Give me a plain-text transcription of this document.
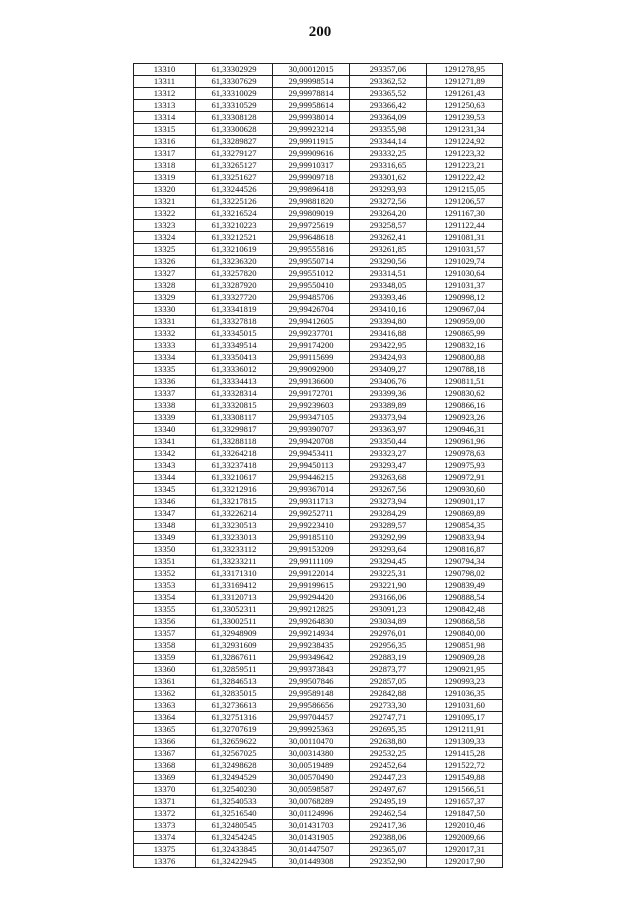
200
13310	61,33302929	30,00012015	293357,06	1291278,95
13311	61,33307629	29,99998514	293362,52	1291271,89
13312	61,33310029	29,99978814	293365,52	1291261,43
13313	61,33310529	29,99958614	293366,42	1291250,63
13314	61,33308128	29,99938014	293364,09	1291239,53
13315	61,33300628	29,99923214	293355,98	1291231,34
13316	61,33289827	29,99911915	293344,14	1291224,92
13317	61,33279127	29,99909616	293332,25	1291223,32
13318	61,33265127	29,99910317	293316,65	1291223,21
13319	61,33251627	29,99909718	293301,62	1291222,42
13320	61,33244526	29,99896418	293293,93	1291215,05
13321	61,33225126	29,99881820	293272,56	1291206,57
13322	61,33216524	29,99809019	293264,20	1291167,30
13323	61,33210223	29,99725619	293258,57	1291122,44
13324	61,33212521	29,99648618	293262,41	1291081,31
13325	61,33210619	29,99555816	293261,85	1291031,57
13326	61,33236320	29,99550714	293290,56	1291029,74
13327	61,33257820	29,99551012	293314,51	1291030,64
13328	61,33287920	29,99550410	293348,05	1291031,37
13329	61,33327720	29,99485706	293393,46	1290998,12
13330	61,33341819	29,99426704	293410,16	1290967,04
13331	61,33327818	29,99412605	293394,80	1290959,00
13332	61,33345015	29,99237701	293416,88	1290865,99
13333	61,33349514	29,99174200	293422,95	1290832,16
13334	61,33350413	29,99115699	293424,93	1290800,88
13335	61,33336012	29,99092900	293409,27	1290788,18
13336	61,33334413	29,99136600	293406,76	1290811,51
13337	61,33328314	29,99172701	293399,36	1290830,62
13338	61,33320815	29,99239603	293389,89	1290866,16
13339	61,33308117	29,99347105	293373,94	1290923,26
13340	61,33299817	29,99390707	293363,97	1290946,31
13341	61,33288118	29,99420708	293350,44	1290961,96
13342	61,33264218	29,99453411	293323,27	1290978,63
13343	61,33237418	29,99450113	293293,47	1290975,93
13344	61,33210617	29,99446215	293263,68	1290972,91
13345	61,33212916	29,99367014	293267,56	1290930,60
13346	61,33217815	29,99311713	293273,94	1290901,17
13347	61,33226214	29,99252711	293284,29	1290869,89
13348	61,33230513	29,99223410	293289,57	1290854,35
13349	61,33233013	29,99185110	293292,99	1290833,94
13350	61,33233112	29,99153209	293293,64	1290816,87
13351	61,33233211	29,99111109	293294,45	1290794,34
13352	61,33171310	29,99122014	293225,31	1290798,02
13353	61,33169412	29,99199615	293221,90	1290839,49
13354	61,33120713	29,99294420	293166,06	1290888,54
13355	61,33052311	29,99212825	293091,23	1290842,48
13356	61,33002511	29,99264830	293034,89	1290868,58
13357	61,32948909	29,99214934	292976,01	1290840,00
13358	61,32931609	29,99238435	292956,35	1290851,98
13359	61,32867611	29,99349642	292883,19	1290909,28
13360	61,32859511	29,99373843	292873,77	1290921,95
13361	61,32846513	29,99507846	292857,05	1290993,23
13362	61,32835015	29,99589148	292842,88	1291036,35
13363	61,32736613	29,99586656	292733,30	1291031,60
13364	61,32751316	29,99704457	292747,71	1291095,17
13365	61,32707619	29,99925363	292695,35	1291211,91
13366	61,32659622	30,00110470	292638,80	1291309,33
13367	61,32567025	30,00314380	292532,25	1291415,28
13368	61,32498628	30,00519489	292452,64	1291522,72
13369	61,32494529	30,00570490	292447,23	1291549,88
13370	61,32540230	30,00598587	292497,67	1291566,51
13371	61,32540533	30,00768289	292495,19	1291657,37
13372	61,32516540	30,01124996	292462,54	1291847,50
13373	61,32480545	30,01431703	292417,36	1292010,46
13374	61,32454245	30,01431905	292388,06	1292009,66
13375	61,32433845	30,01447507	292365,07	1292017,31
13376	61,32422945	30,01449308	292352,90	1292017,90
